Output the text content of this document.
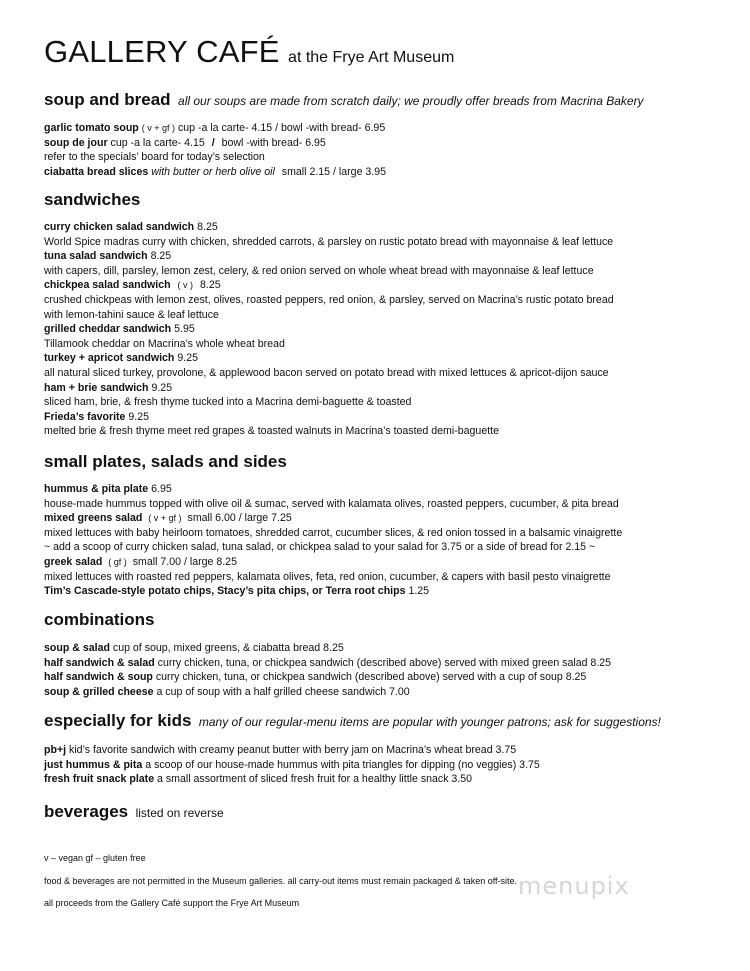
GALLERY CAFÉ at the Frye Art Museum
soup and bread all our soups are made from scratch daily; we proudly offer breads from Macrina Bakery
garlic tomato soup ( v + gf ) cup -a la carte- 4.15 / bowl -with bread- 6.95
soup de jour cup -a la carte- 4.15 / bowl -with bread- 6.95
refer to the specials’ board for today’s selection
ciabatta bread slices with butter or herb olive oil small 2.15 / large 3.95
sandwiches
curry chicken salad sandwich 8.25
World Spice madras curry with chicken, shredded carrots, & parsley on rustic potato bread with mayonnaise & leaf lettuce
tuna salad sandwich 8.25
with capers, dill, parsley, lemon zest, celery, & red onion served on whole wheat bread with mayonnaise & leaf lettuce
chickpea salad sandwich ( v ) 8.25
crushed chickpeas with lemon zest, olives, roasted peppers, red onion, & parsley, served on Macrina’s rustic potato bread
with lemon-tahini sauce & leaf lettuce
grilled cheddar sandwich 5.95
Tillamook cheddar on Macrina’s whole wheat bread
turkey + apricot sandwich 9.25
all natural sliced turkey, provolone, & applewood bacon served on potato bread with mixed lettuces & apricot-dijon sauce
ham + brie sandwich 9.25
sliced ham, brie, & fresh thyme tucked into a Macrina demi-baguette & toasted
Frieda’s favorite 9.25
melted brie & fresh thyme meet red grapes & toasted walnuts in Macrina’s toasted demi-baguette
small plates, salads and sides
hummus & pita plate 6.95
house-made hummus topped with olive oil & sumac, served with kalamata olives, roasted peppers, cucumber, & pita bread
mixed greens salad ( v + gf ) small 6.00 / large 7.25
mixed lettuces with baby heirloom tomatoes, shredded carrot, cucumber slices, & red onion tossed in a balsamic vinaigrette
~ add a scoop of curry chicken salad, tuna salad, or chickpea salad to your salad for 3.75 or a side of bread for 2.15 ~
greek salad ( gf ) small 7.00 / large 8.25
mixed lettuces with roasted red peppers, kalamata olives, feta, red onion, cucumber, & capers with basil pesto vinaigrette
Tim’s Cascade-style potato chips, Stacy’s pita chips, or Terra root chips 1.25
combinations
soup & salad cup of soup, mixed greens, & ciabatta bread 8.25
half sandwich & salad curry chicken, tuna, or chickpea sandwich (described above) served with mixed green salad 8.25
half sandwich & soup curry chicken, tuna, or chickpea sandwich (described above) served with a cup of soup 8.25
soup & grilled cheese a cup of soup with a half grilled cheese sandwich 7.00
especially for kids many of our regular-menu items are popular with younger patrons; ask for suggestions!
pb+j kid’s favorite sandwich with creamy peanut butter with berry jam on Macrina’s wheat bread 3.75
just hummus & pita a scoop of our house-made hummus with pita triangles for dipping (no veggies) 3.75
fresh fruit snack plate a small assortment of sliced fresh fruit for a healthy little snack 3.50
beverages listed on reverse
v – vegan gf – gluten free
food & beverages are not permitted in the Museum galleries. all carry-out items must remain packaged & taken off-site.
all proceeds from the Gallery Café support the Frye Art Museum
menupix
